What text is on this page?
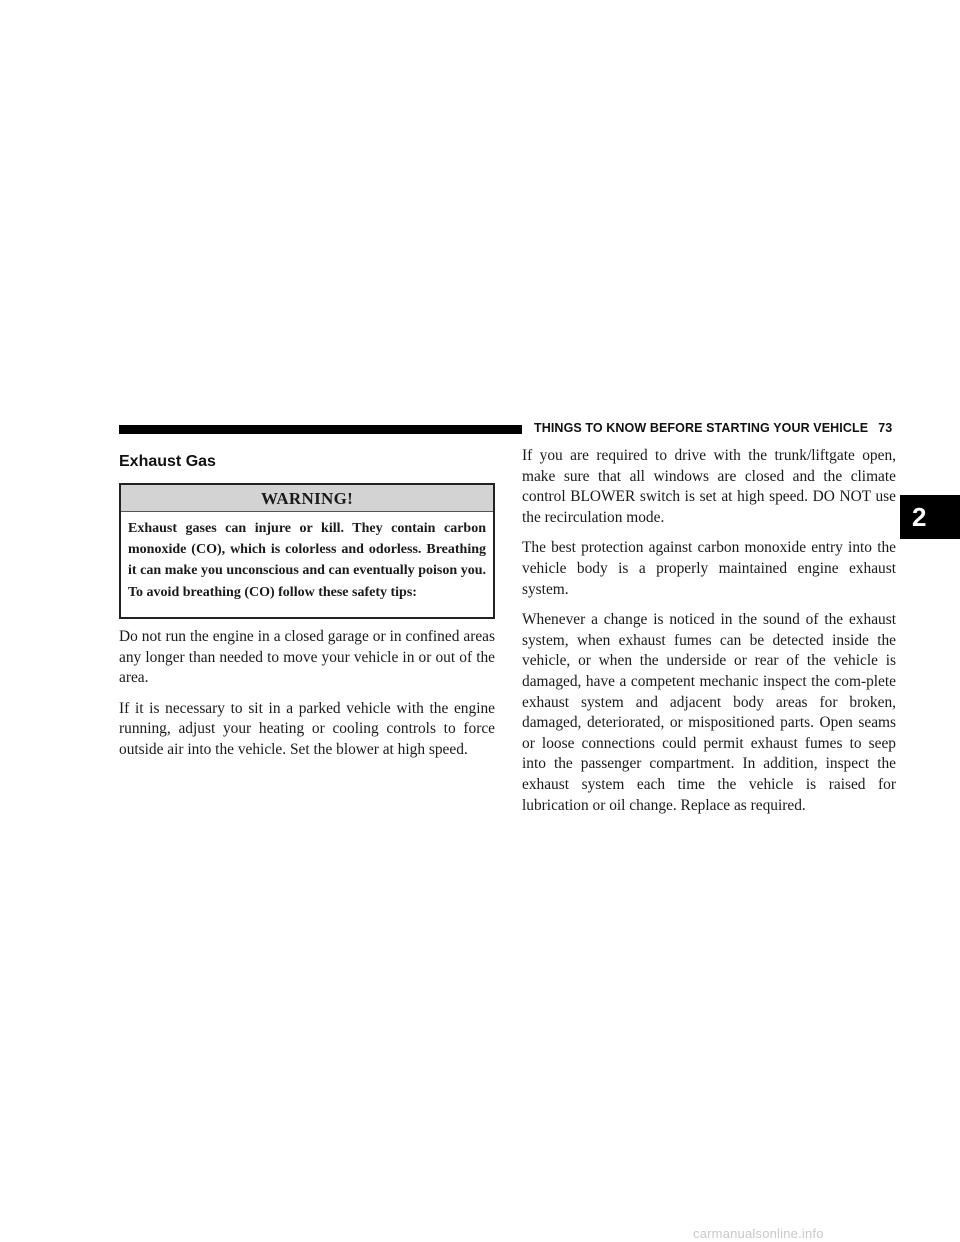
THINGS TO KNOW BEFORE STARTING YOUR VEHICLE 73
2
Exhaust Gas
WARNING!
Exhaust gases can injure or kill. They contain carbon monoxide (CO), which is colorless and odorless. Breathing it can make you unconscious and can eventually poison you. To avoid breathing (CO) follow these safety tips:

Do not run the engine in a closed garage or in confined areas any longer than needed to move your vehicle in or out of the area.

If it is necessary to sit in a parked vehicle with the engine running, adjust your heating or cooling controls to force outside air into the vehicle. Set the blower at high speed.

If you are required to drive with the trunk/liftgate open, make sure that all windows are closed and the climate control BLOWER switch is set at high speed. DO NOT use the recirculation mode.

The best protection against carbon monoxide entry into the vehicle body is a properly maintained engine exhaust system.

Whenever a change is noticed in the sound of the exhaust system, when exhaust fumes can be detected inside the vehicle, or when the underside or rear of the vehicle is damaged, have a competent mechanic inspect the com-plete exhaust system and adjacent body areas for broken, damaged, deteriorated, or mispositioned parts. Open seams or loose connections could permit exhaust fumes to seep into the passenger compartment. In addition, inspect the exhaust system each time the vehicle is raised for lubrication or oil change. Replace as required.

carmanualsonline.info
